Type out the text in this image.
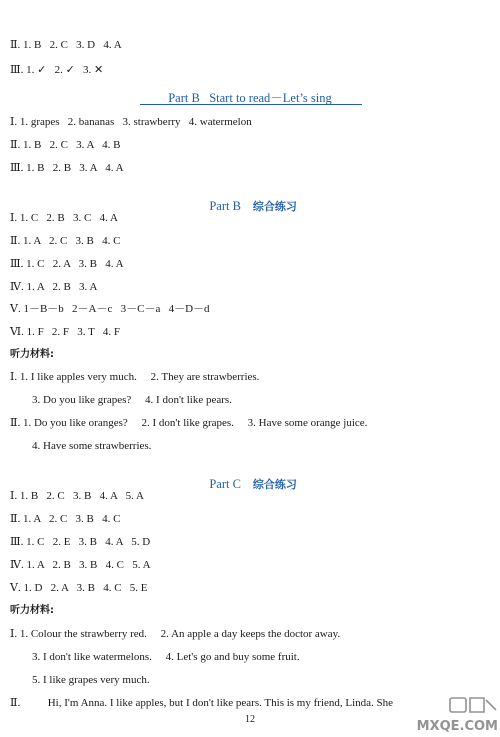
Ⅱ. 1. B   2. C   3. D   4. A
Ⅲ. 1. ✓   2. ✓   3. ✕
Part B   Start to read－Let’s sing
Ⅰ. 1. grapes   2. bananas   3. strawberry   4. watermelon
Ⅱ. 1. B   2. C   3. A   4. B
Ⅲ. 1. B   2. B   3. A   4. A

Part B 综合练习

Ⅰ. 1. C   2. B   3. C   4. A
Ⅱ. 1. A   2. C   3. B   4. C
Ⅲ. 1. C   2. A   3. B   4. A
Ⅳ. 1. A   2. B   3. A
Ⅴ. 1－B－b   2－A－c   3－C－a   4－D－d
Ⅵ. 1. F   2. F   3. T   4. F
听力材料:
Ⅰ. 1. I like apples very much.     2. They are strawberries.
3. Do you like grapes?     4. I don't like pears.
Ⅱ. 1. Do you like oranges?     2. I don't like grapes.     3. Have some orange juice.
4. Have some strawberries.

Part C 综合练习

Ⅰ. 1. B   2. C   3. B   4. A   5. A
Ⅱ. 1. A   2. C   3. B   4. C
Ⅲ. 1. C   2. E   3. B   4. A   5. D
Ⅳ. 1. A   2. B   3. B   4. C   5. A
Ⅴ. 1. D   2. A   3. B   4. C   5. E
听力材料:
Ⅰ. 1. Colour the strawberry red.     2. An apple a day keeps the doctor away.
3. I don't like watermelons.     4. Let's go and buy some fruit.
5. I like grapes very much.
Ⅱ.          Hi, I'm Anna. I like apples, but I don't like pears. This is my friend, Linda. She
12	MXQE.COM
